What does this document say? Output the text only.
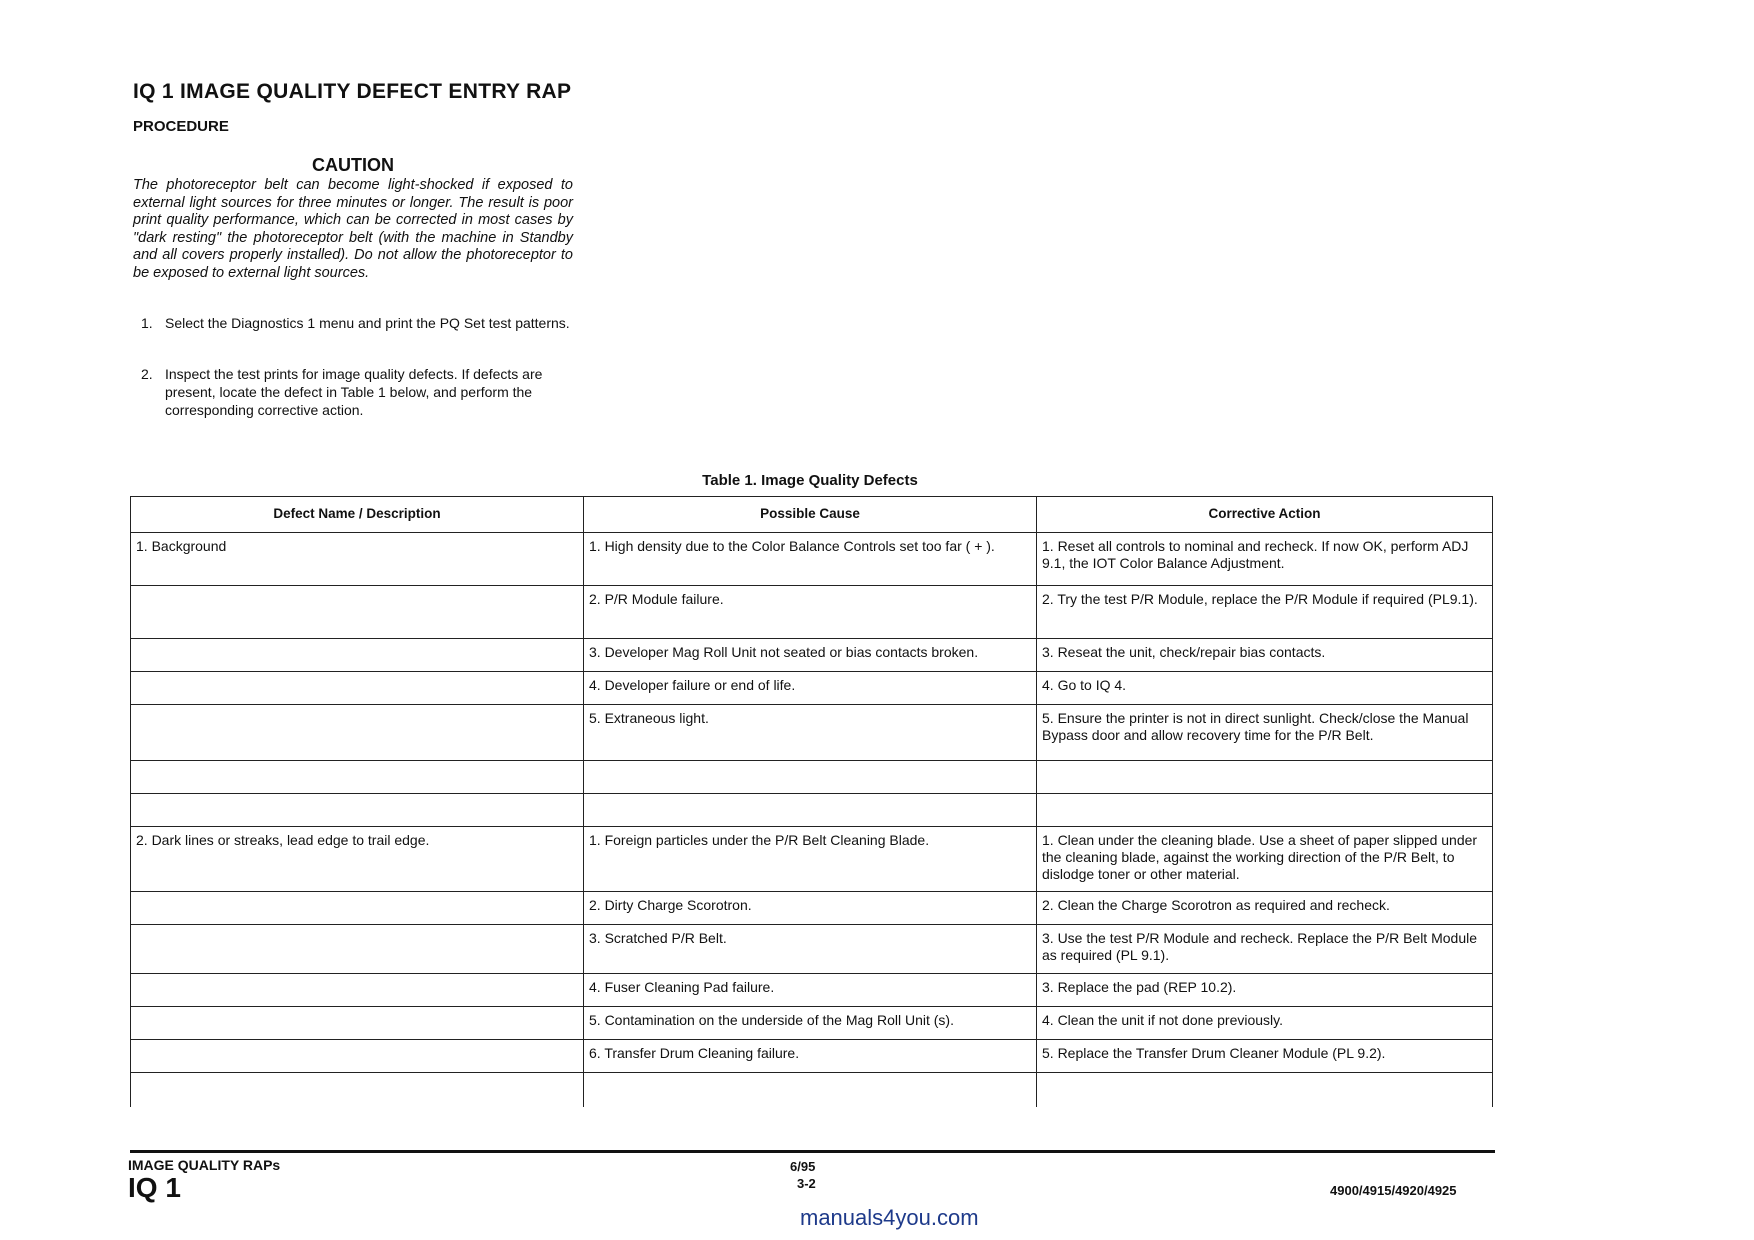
IQ 1 IMAGE QUALITY DEFECT ENTRY RAP
PROCEDURE
CAUTION
The photoreceptor belt can become light-shocked if exposed to external light sources for three minutes or longer. The result is poor print quality performance, which can be corrected in most cases by "dark resting" the photoreceptor belt (with the machine in Standby and all covers properly installed). Do not allow the photoreceptor to be exposed to external light sources.
1. Select the Diagnostics 1 menu and print the PQ Set test patterns.
2. Inspect the test prints for image quality defects. If defects are present, locate the defect in Table 1 below, and perform the corresponding corrective action.
Table 1. Image Quality Defects
Defect Name / Description	Possible Cause	Corrective Action
1. Background	1. High density due to the Color Balance Controls set too far ( + ).	1. Reset all controls to nominal and recheck. If now OK, perform ADJ 9.1, the IOT Color Balance Adjustment.
	2. P/R Module failure.	2. Try the test P/R Module, replace the P/R Module if required (PL9.1).
	3. Developer Mag Roll Unit not seated or bias contacts broken.	3. Reseat the unit, check/repair bias contacts.
	4. Developer failure or end of life.	4. Go to IQ 4.
	5. Extraneous light.	5. Ensure the printer is not in direct sunlight. Check/close the Manual Bypass door and allow recovery time for the P/R Belt.

2. Dark lines or streaks, lead edge to trail edge.	1. Foreign particles under the P/R Belt Cleaning Blade.	1. Clean under the cleaning blade. Use a sheet of paper slipped under the cleaning blade, against the working direction of the P/R Belt, to dislodge toner or other material.
	2. Dirty Charge Scorotron.	2. Clean the Charge Scorotron as required and recheck.
	3. Scratched P/R Belt.	3. Use the test P/R Module and recheck. Replace the P/R Belt Module as required (PL 9.1).
	4. Fuser Cleaning Pad failure.	3. Replace the pad (REP 10.2).
	5. Contamination on the underside of the Mag Roll Unit (s).	4. Clean the unit if not done previously.
	6. Transfer Drum Cleaning failure.	5. Replace the Transfer Drum Cleaner Module (PL 9.2).

IMAGE QUALITY RAPs
IQ 1
6/95
3-2	4900/4915/4920/4925
manuals4you.com
